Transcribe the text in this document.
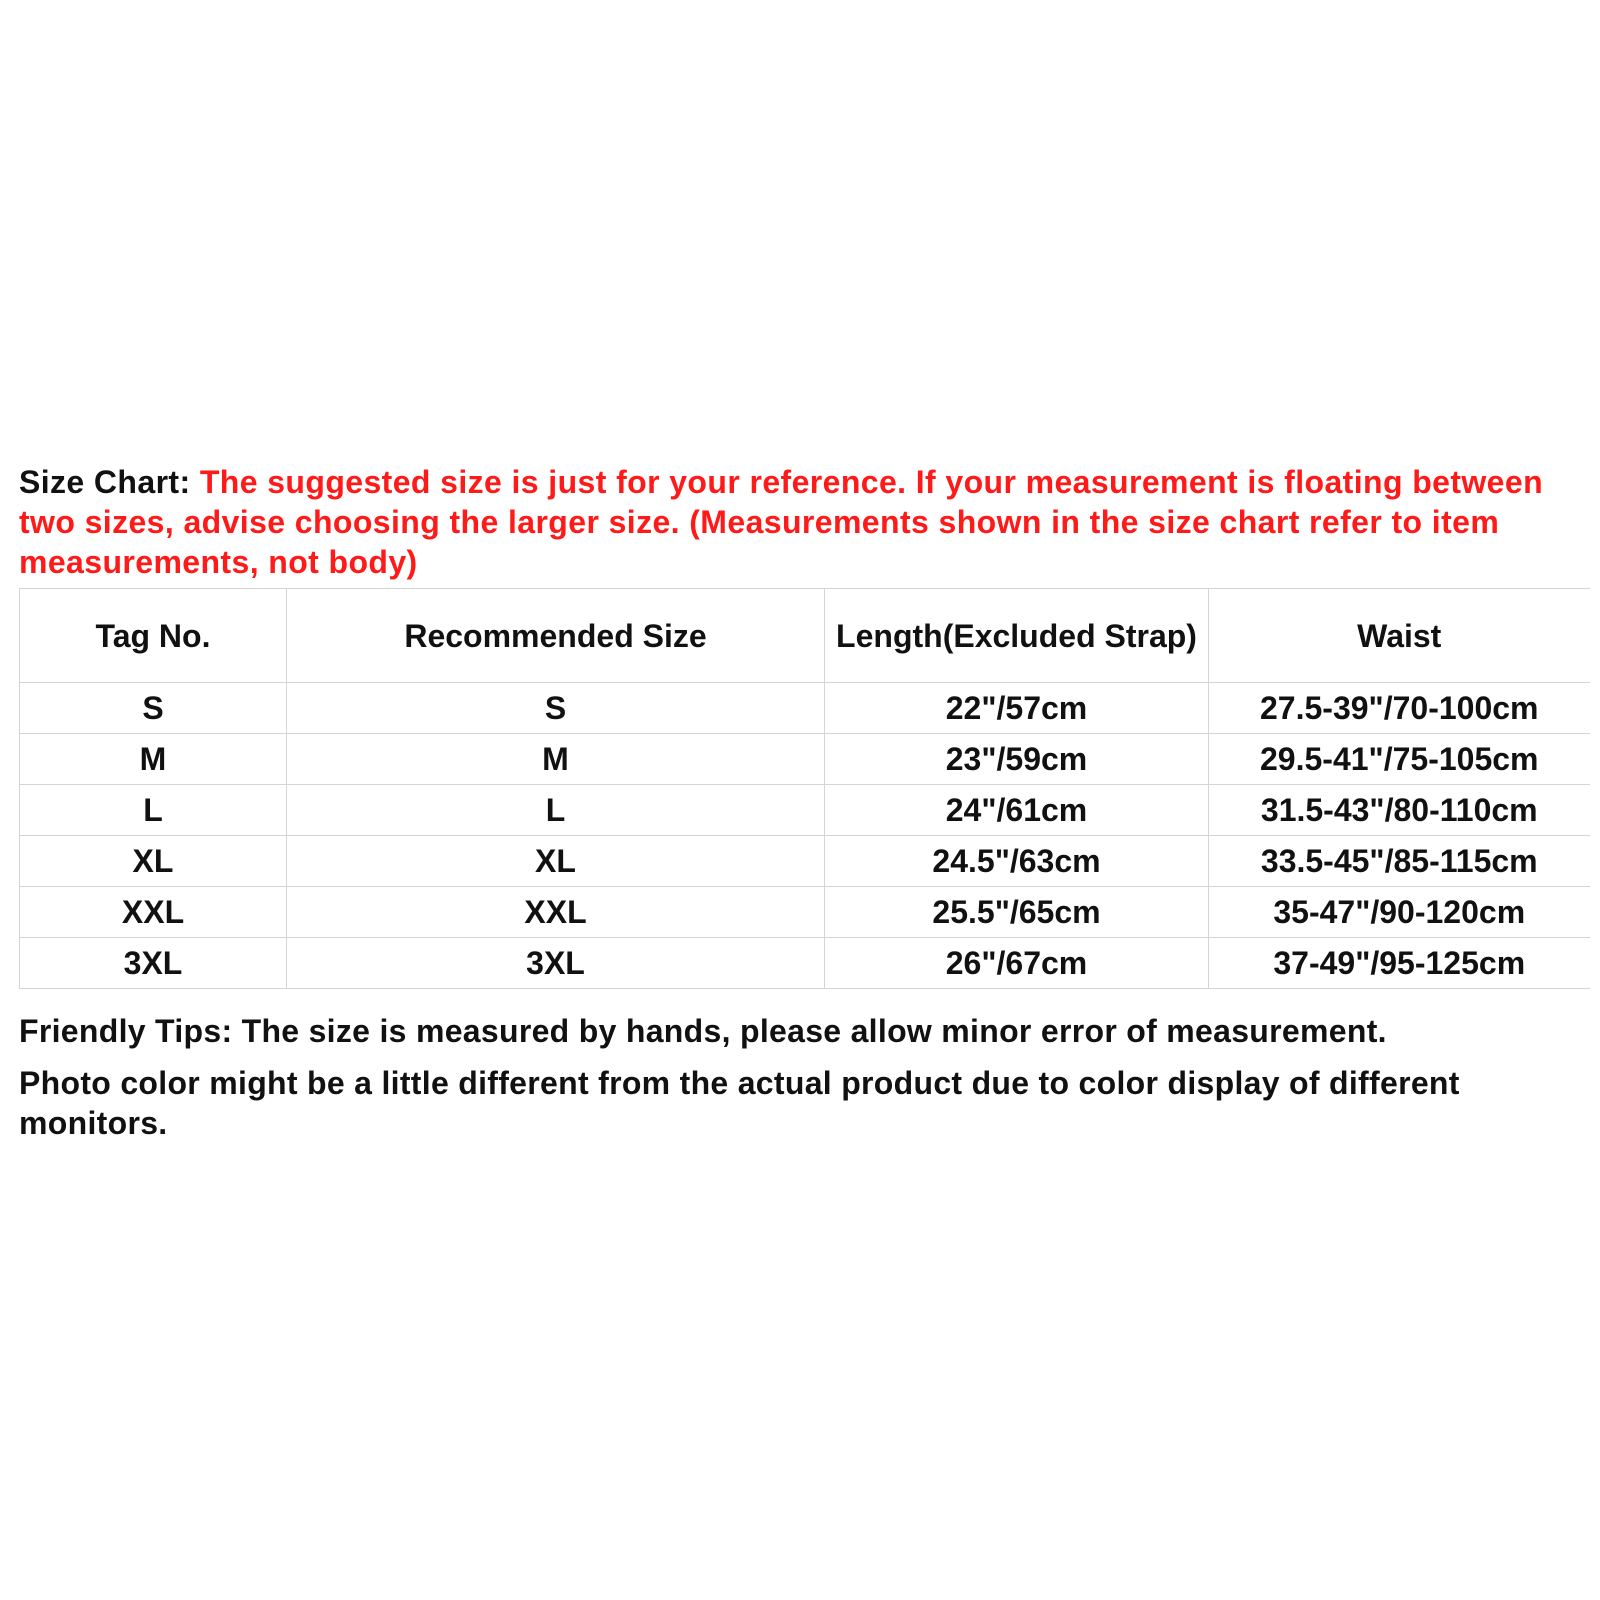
Size Chart: The suggested size is just for your reference. If your measurement is floating between two sizes, advise choosing the larger size. (Measurements shown in the size chart refer to item measurements, not body)

Tag No.	Recommended Size	Length(Excluded Strap)	Waist
S	S	22"/57cm	27.5-39"/70-100cm
M	M	23"/59cm	29.5-41"/75-105cm
L	L	24"/61cm	31.5-43"/80-110cm
XL	XL	24.5"/63cm	33.5-45"/85-115cm
XXL	XXL	25.5"/65cm	35-47"/90-120cm
3XL	3XL	26"/67cm	37-49"/95-125cm

Friendly Tips: The size is measured by hands, please allow minor error of measurement.

Photo color might be a little different from the actual product due to color display of different monitors.
